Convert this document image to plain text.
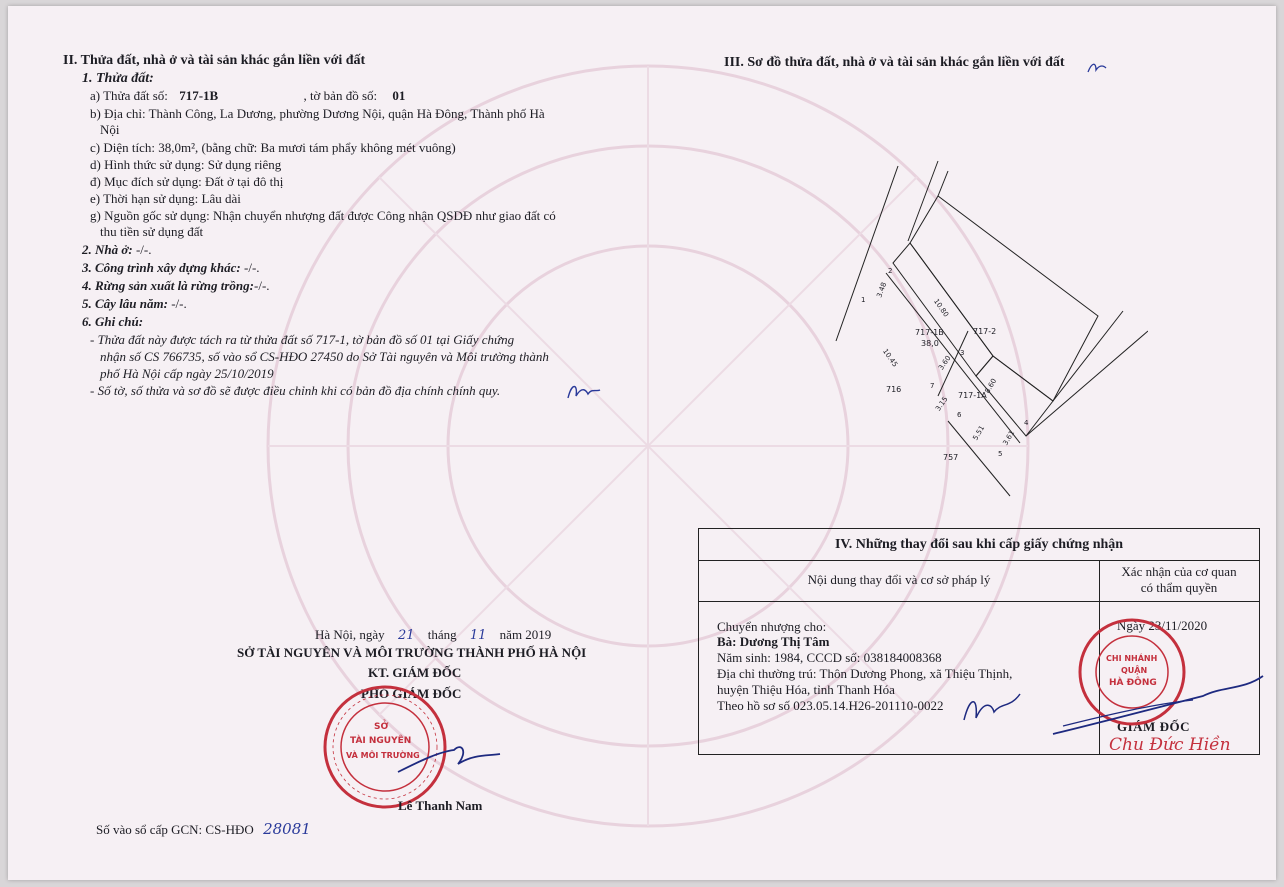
II. Thửa đất, nhà ở và tài sản khác gắn liền với đất
1. Thửa đất:
a) Thửa đất số: 717-1B	, tờ bản đồ số: 01
b) Địa chỉ: Thành Công, La Dương, phường Dương Nội, quận Hà Đông, Thành phố Hà
Nội
c) Diện tích: 38,0m², (bằng chữ: Ba mươi tám phẩy không mét vuông)
d) Hình thức sử dụng: Sử dụng riêng
đ) Mục đích sử dụng: Đất ở tại đô thị
e) Thời hạn sử dụng: Lâu dài
g) Nguồn gốc sử dụng: Nhận chuyển nhượng đất được Công nhận QSDĐ như giao đất có
thu tiền sử dụng đất
2. Nhà ở: -/-.
3. Công trình xây dựng khác: -/-.
4. Rừng sản xuất là rừng trồng:-/-.
5. Cây lâu năm: -/-.
6. Ghi chú:
- Thửa đất này được tách ra từ thửa đất số 717-1, tờ bản đồ số 01 tại Giấy chứng
nhận số CS 766735, số vào sổ CS-HĐO 27450 do Sở Tài nguyên và Môi trường thành
phố Hà Nội cấp ngày 25/10/2019
- Số tờ, số thửa và sơ đồ sẽ được điều chỉnh khi có bản đồ địa chính chính quy.
III. Sơ đồ thửa đất, nhà ở và tài sản khác gắn liền với đất
717-1B
38,0
717-2
717-1A
716
757
3.48
10.80
10.45	3.60
8.60
3.15
5.51 3.61
1
2
3
4
5
6
7
Hà Nội, ngày 21 tháng 11 năm 2019
SỞ TÀI NGUYÊN VÀ MÔI TRƯỜNG THÀNH PHỐ HÀ NỘI
KT. GIÁM ĐỐC
PHÓ GIÁM ĐỐC
SỞ
TÀI NGUYÊN
VÀ MÔI TRƯỜNG
Lê Thanh Nam
Số vào sổ cấp GCN: CS-HĐO 28081
IV. Những thay đổi sau khi cấp giấy chứng nhận
Nội dung thay đổi và cơ sở pháp lý
Xác nhận của cơ quan
có thẩm quyền
Chuyển nhượng cho:
Bà: Dương Thị Tâm
Năm sinh: 1984, CCCD số: 038184008368
Địa chỉ thường trú: Thôn Dương Phong, xã Thiệu Thịnh,
huyện Thiệu Hóa, tỉnh Thanh Hóa
Theo hồ sơ số 023.05.14.H26-201110-0022
Ngày 23/11/2020
GIÁM ĐỐC
Chu Đức Hiền
CHI NHÁNH
QUẬN
HÀ ĐÔNG
